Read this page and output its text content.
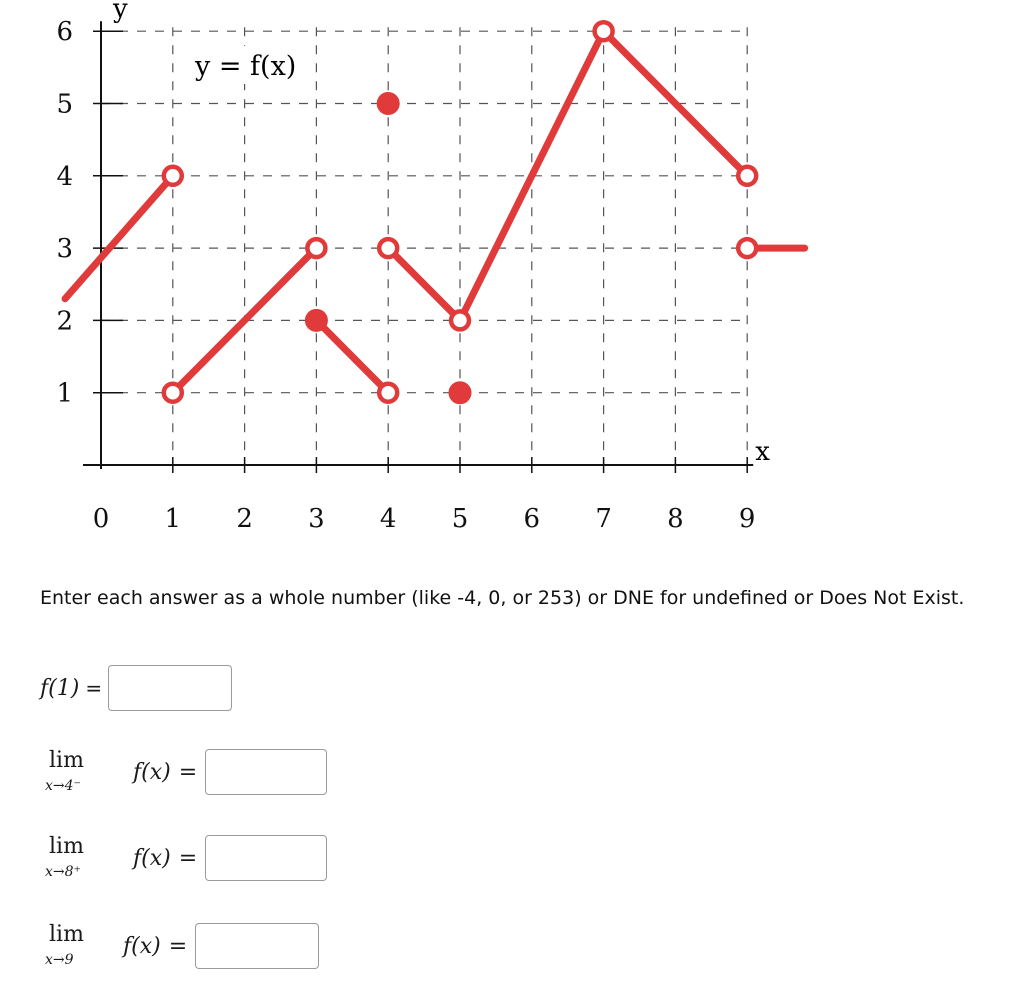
0 1 2 3 4 5 6 7 8 9
1
2
3
4
5
6
y
x
y = f(x)
Enter each answer as a whole number (like -4, 0, or 253) or DNE for undefined or Does Not Exist.
f(1) =
lim
x→4⁻
f(x) =
lim
x→8⁺
f(x) =
lim
x→9
f(x) =
